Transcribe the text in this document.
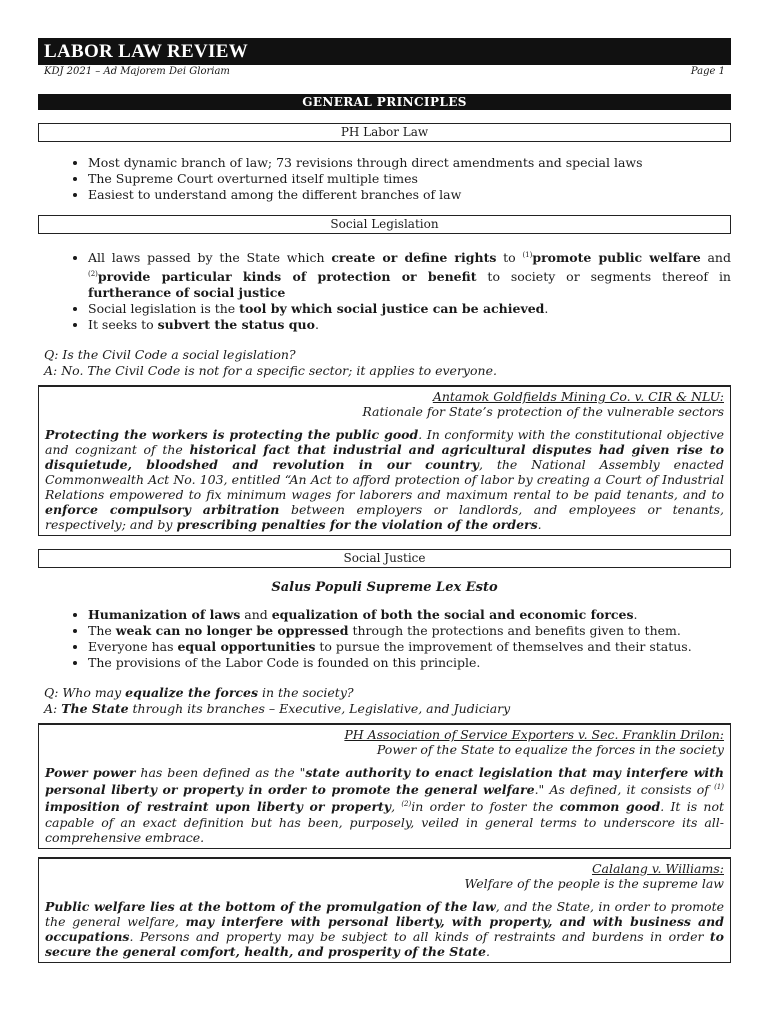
LABOR LAW REVIEW
KDJ 2021 – Ad Majorem Dei Gloriam	Page 1
GENERAL PRINCIPLES
PH Labor Law
• Most dynamic branch of law; 73 revisions through direct amendments and special laws
• The Supreme Court overturned itself multiple times
• Easiest to understand among the different branches of law
Social Legislation
• All laws passed by the State which create or define rights to $^{(1)}$promote public welfare and $^{(2)}$provide particular kinds of protection or benefit to society or segments thereof in furtherance of social justice
• Social legislation is the tool by which social justice can be achieved.
• It seeks to subvert the status quo.
Q: Is the Civil Code a social legislation?
A: No. The Civil Code is not for a specific sector; it applies to everyone.
Antamok Goldfields Mining Co. v. CIR & NLU:
Rationale for State’s protection of the vulnerable sectors
Protecting the workers is protecting the public good. In conformity with the constitutional objective and cognizant of the historical fact that industrial and agricultural disputes had given rise to disquietude, bloodshed and revolution in our country, the National Assembly enacted Commonwealth Act No. 103, entitled “An Act to afford protection of labor by creating a Court of Industrial Relations empowered to fix minimum wages for laborers and maximum rental to be paid tenants, and to enforce compulsory arbitration between employers or landlords, and employees or tenants, respectively; and by prescribing penalties for the violation of the orders.
Social Justice
Salus Populi Supreme Lex Esto
• Humanization of laws and equalization of both the social and economic forces.
• The weak can no longer be oppressed through the protections and benefits given to them.
• Everyone has equal opportunities to pursue the improvement of themselves and their status.
• The provisions of the Labor Code is founded on this principle.
Q: Who may equalize the forces in the society?
A: The State through its branches – Executive, Legislative, and Judiciary
PH Association of Service Exporters v. Sec. Franklin Drilon:
Power of the State to equalize the forces in the society
Power power has been defined as the "state authority to enact legislation that may interfere with personal liberty or property in order to promote the general welfare." As defined, it consists of $^{(1)}$ imposition of restraint upon liberty or property, $^{(2)}$in order to foster the common good. It is not capable of an exact definition but has been, purposely, veiled in general terms to underscore its all-comprehensive embrace.
Calalang v. Williams:
Welfare of the people is the supreme law
Public welfare lies at the bottom of the promulgation of the law, and the State, in order to promote the general welfare, may interfere with personal liberty, with property, and with business and occupations. Persons and property may be subject to all kinds of restraints and burdens in order to secure the general comfort, health, and prosperity of the State.
